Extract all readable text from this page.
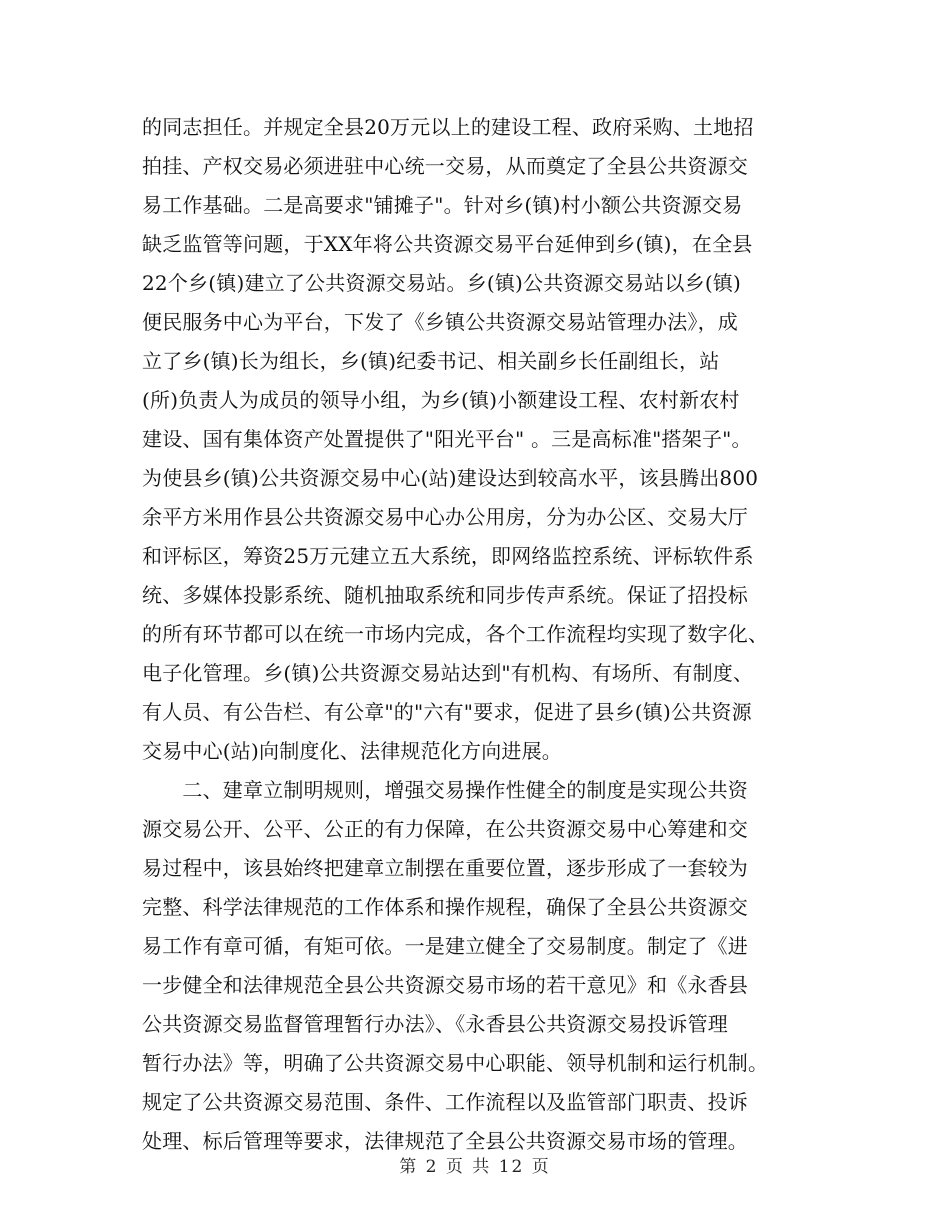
的同志担任。并规定全县20万元以上的建设工程、政府采购、土地招
拍挂、产权交易必须进驻中心统一交易，从而奠定了全县公共资源交
易工作基础。二是高要求"铺摊子"。针对乡(镇)村小额公共资源交易
缺乏监管等问题，于XX年将公共资源交易平台延伸到乡(镇)，在全县
22个乡(镇)建立了公共资源交易站。乡(镇)公共资源交易站以乡(镇)
便民服务中心为平台，下发了《乡镇公共资源交易站管理办法》，成
立了乡(镇)长为组长，乡(镇)纪委书记、相关副乡长任副组长，站
(所)负责人为成员的领导小组，为乡(镇)小额建设工程、农村新农村
建设、国有集体资产处置提供了"阳光平台" 。三是高标准"搭架子"。
为使县乡(镇)公共资源交易中心(站)建设达到较高水平，该县腾出800
余平方米用作县公共资源交易中心办公用房，分为办公区、交易大厅
和评标区，筹资25万元建立五大系统，即网络监控系统、评标软件系
统、多媒体投影系统、随机抽取系统和同步传声系统。保证了招投标
的所有环节都可以在统一市场内完成，各个工作流程均实现了数字化、
电子化管理。乡(镇)公共资源交易站达到"有机构、有场所、有制度、
有人员、有公告栏、有公章"的"六有"要求，促进了县乡(镇)公共资源
交易中心(站)向制度化、法律规范化方向进展。
　　二、建章立制明规则，增强交易操作性健全的制度是实现公共资
源交易公开、公平、公正的有力保障，在公共资源交易中心筹建和交
易过程中，该县始终把建章立制摆在重要位置，逐步形成了一套较为
完整、科学法律规范的工作体系和操作规程，确保了全县公共资源交
易工作有章可循，有矩可依。一是建立健全了交易制度。制定了《进
一步健全和法律规范全县公共资源交易市场的若干意见》和《永香县
公共资源交易监督管理暂行办法》、《永香县公共资源交易投诉管理
暂行办法》等，明确了公共资源交易中心职能、领导机制和运行机制。
规定了公共资源交易范围、条件、工作流程以及监管部门职责、投诉
处理、标后管理等要求，法律规范了全县公共资源交易市场的管理。
第 2 页 共 12 页
